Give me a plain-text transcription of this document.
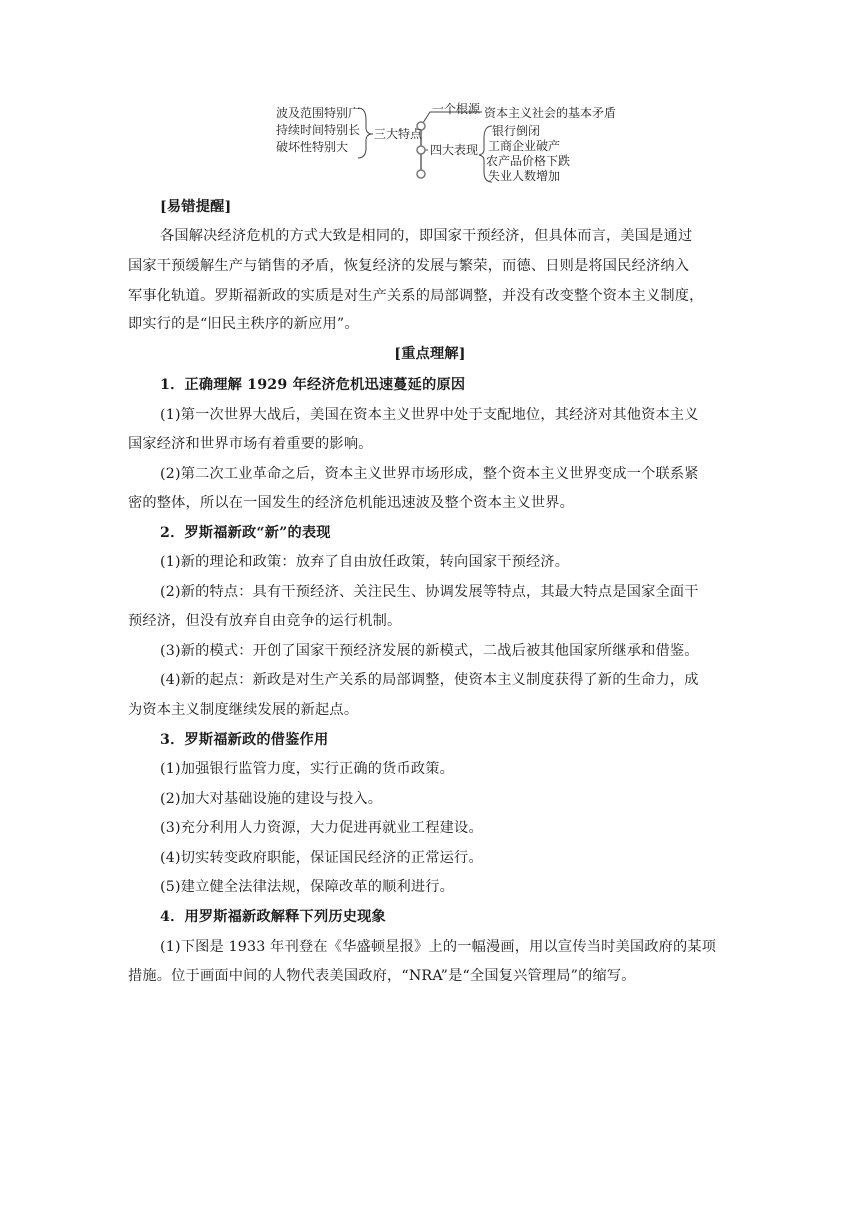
波及范围特别广
持续时间特别长
破坏性特别大
三大特点
一个根源 资本主义社会的基本矛盾
四大表现
银行倒闭
工商企业破产
农产品价格下跌
失业人数增加
[易错提醒]
各国解决经济危机的方式大致是相同的，即国家干预经济，但具体而言，美国是通过
国家干预缓解生产与销售的矛盾，恢复经济的发展与繁荣，而德、日则是将国民经济纳入
军事化轨道。罗斯福新政的实质是对生产关系的局部调整，并没有改变整个资本主义制度，
即实行的是“旧民主秩序的新应用”。
[重点理解]
1．正确理解 1929 年经济危机迅速蔓延的原因
(1)第一次世界大战后，美国在资本主义世界中处于支配地位，其经济对其他资本主义
国家经济和世界市场有着重要的影响。
(2)第二次工业革命之后，资本主义世界市场形成，整个资本主义世界变成一个联系紧
密的整体，所以在一国发生的经济危机能迅速波及整个资本主义世界。
2．罗斯福新政“新”的表现
(1)新的理论和政策：放弃了自由放任政策，转向国家干预经济。
(2)新的特点：具有干预经济、关注民生、协调发展等特点，其最大特点是国家全面干
预经济，但没有放弃自由竞争的运行机制。
(3)新的模式：开创了国家干预经济发展的新模式，二战后被其他国家所继承和借鉴。
(4)新的起点：新政是对生产关系的局部调整，使资本主义制度获得了新的生命力，成
为资本主义制度继续发展的新起点。
3．罗斯福新政的借鉴作用
(1)加强银行监管力度，实行正确的货币政策。
(2)加大对基础设施的建设与投入。
(3)充分利用人力资源，大力促进再就业工程建设。
(4)切实转变政府职能，保证国民经济的正常运行。
(5)建立健全法律法规，保障改革的顺利进行。
4．用罗斯福新政解释下列历史现象
(1)下图是 1933 年刊登在《华盛顿星报》上的一幅漫画，用以宣传当时美国政府的某项
措施。位于画面中间的人物代表美国政府，“NRA”是“全国复兴管理局”的缩写。
